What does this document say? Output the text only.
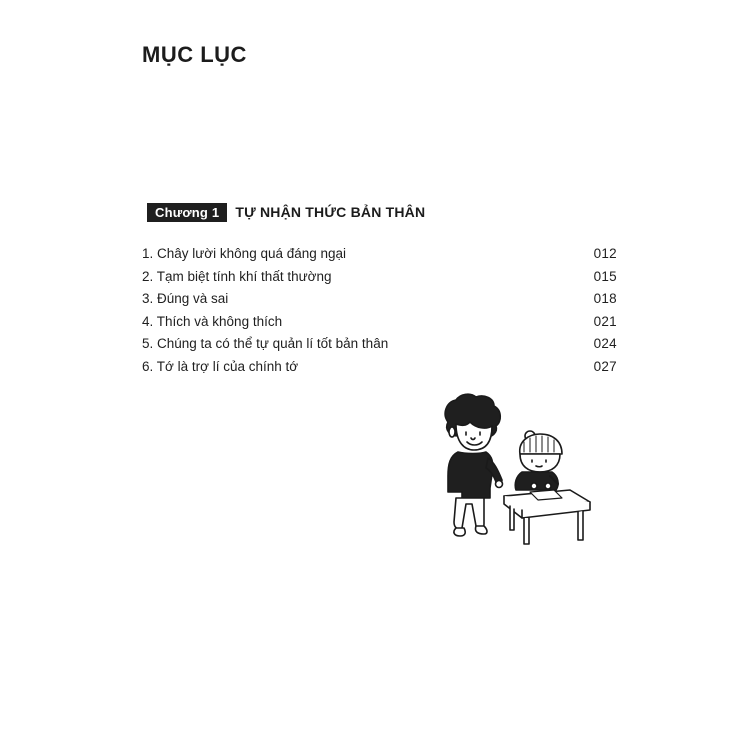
MỤC LỤC
Chương 1	TỰ NHẬN THỨC BẢN THÂN
1. Chây lười không quá đáng ngại	012
2. Tạm biệt tính khí thất thường	015
3. Đúng và sai	018
4. Thích và không thích	021
5. Chúng ta có thể tự quản lí tốt bản thân	024
6. Tớ là trợ lí của chính tớ	027
